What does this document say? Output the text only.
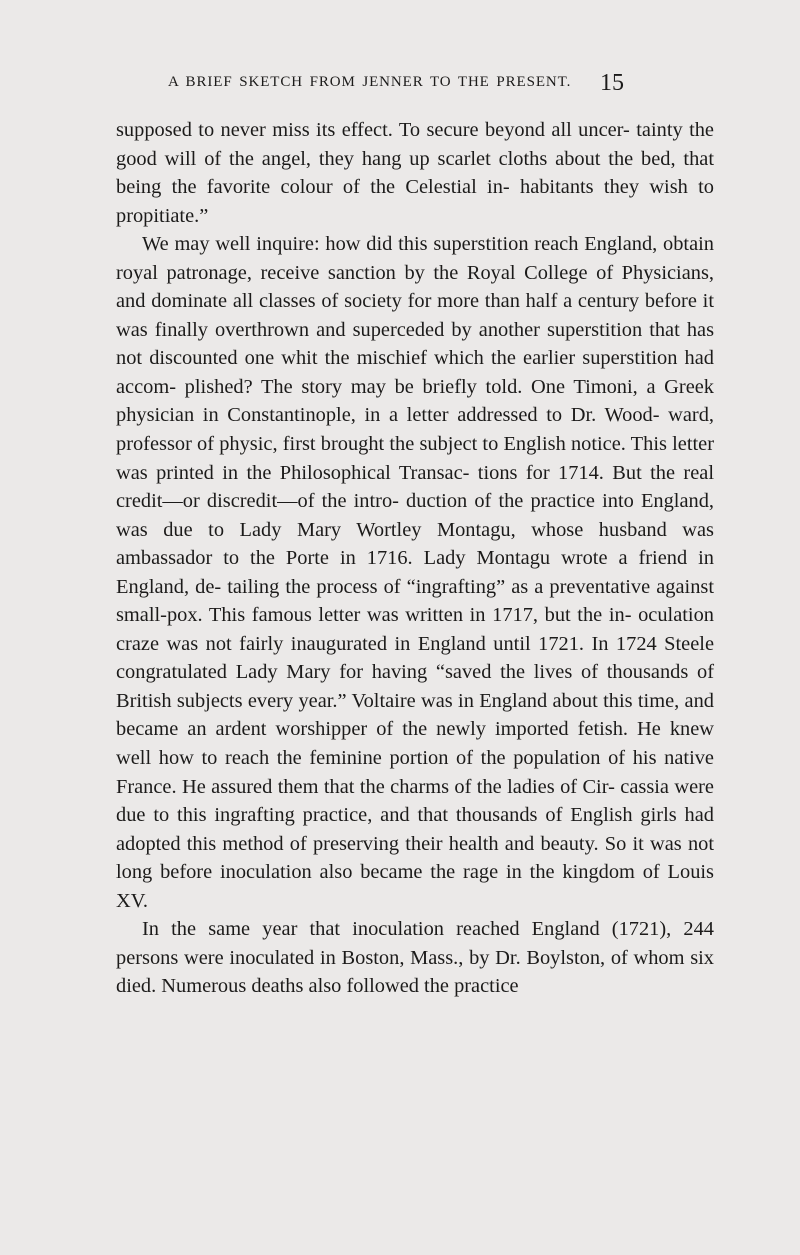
A BRIEF SKETCH FROM JENNER TO THE PRESENT.	15

supposed to never miss its effect. To secure beyond all uncer- tainty the good will of the angel, they hang up scarlet cloths about the bed, that being the favorite colour of the Celestial in- habitants they wish to propitiate.”

We may well inquire: how did this superstition reach England, obtain royal patronage, receive sanction by the Royal College of Physicians, and dominate all classes of society for more than half a century before it was finally overthrown and superceded by another superstition that has not discounted one whit the mischief which the earlier superstition had accom- plished? The story may be briefly told. One Timoni, a Greek physician in Constantinople, in a letter addressed to Dr. Wood- ward, professor of physic, first brought the subject to English notice. This letter was printed in the Philosophical Transac- tions for 1714. But the real credit—or discredit—of the intro- duction of the practice into England, was due to Lady Mary Wortley Montagu, whose husband was ambassador to the Porte in 1716. Lady Montagu wrote a friend in England, de- tailing the process of “ingrafting” as a preventative against small-pox. This famous letter was written in 1717, but the in- oculation craze was not fairly inaugurated in England until 1721. In 1724 Steele congratulated Lady Mary for having “saved the lives of thousands of British subjects every year.” Voltaire was in England about this time, and became an ardent worshipper of the newly imported fetish. He knew well how to reach the feminine portion of the population of his native France. He assured them that the charms of the ladies of Cir- cassia were due to this ingrafting practice, and that thousands of English girls had adopted this method of preserving their health and beauty. So it was not long before inoculation also became the rage in the kingdom of Louis XV.

In the same year that inoculation reached England (1721), 244 persons were inoculated in Boston, Mass., by Dr. Boylston, of whom six died. Numerous deaths also followed the practice
